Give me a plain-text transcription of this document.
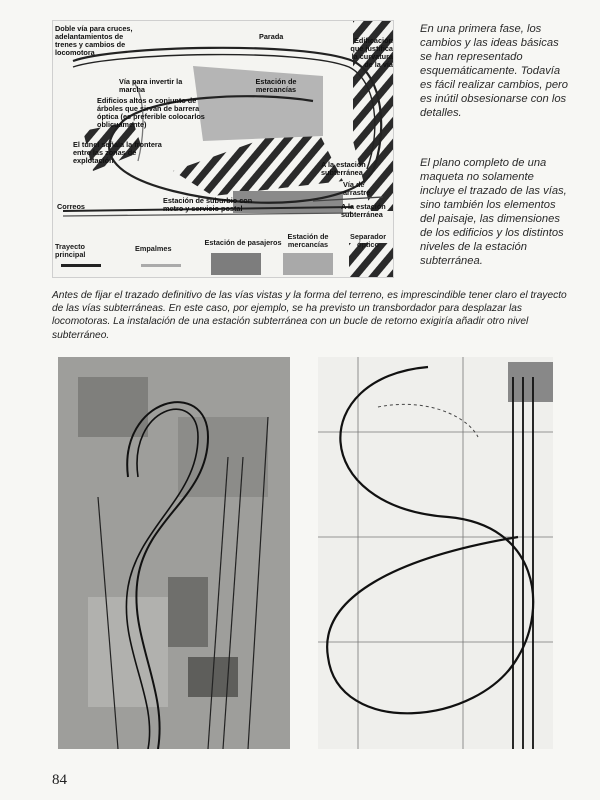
Doble vía para cruces, adelantamientos de trenes y cambios de locomotora
Parada	Edificación que justifica la curvatura de la vía
Vía para invertir la marcha
Edificios altos o conjunto de árboles que sirvan de barrera óptica (es preferible colocarlos oblicuamente)
Estación de mercancías
El túnel señala la frontera entre las zonas de explotación	A la estación subterránea
Vía de arrastre
Estación de suburbio con metro y servicio postal	A la estación subterránea
Correos
Trayecto principal
Empalmes
Estación de pasajeros
Estación de mercancías
Separador óptico
En una primera fase, los cambios y las ideas básicas se han representado esquemáticamente. Todavía es fácil realizar cambios, pero es inútil obsesionarse con los detalles.
El plano completo de una maqueta no solamente incluye el trazado de las vías, sino también los elementos del paisaje, las dimensiones de los edificios y los distintos niveles de la estación subterránea.
Antes de fijar el trazado definitivo de las vías vistas y la forma del terreno, es imprescindible tener claro el trayecto de las vías subterráneas. En este caso, por ejemplo, se ha previsto un transbordador para desplazar las locomotoras. La instalación de una estación subterránea con un bucle de retorno exigiría añadir otro nivel subterráneo.
84
